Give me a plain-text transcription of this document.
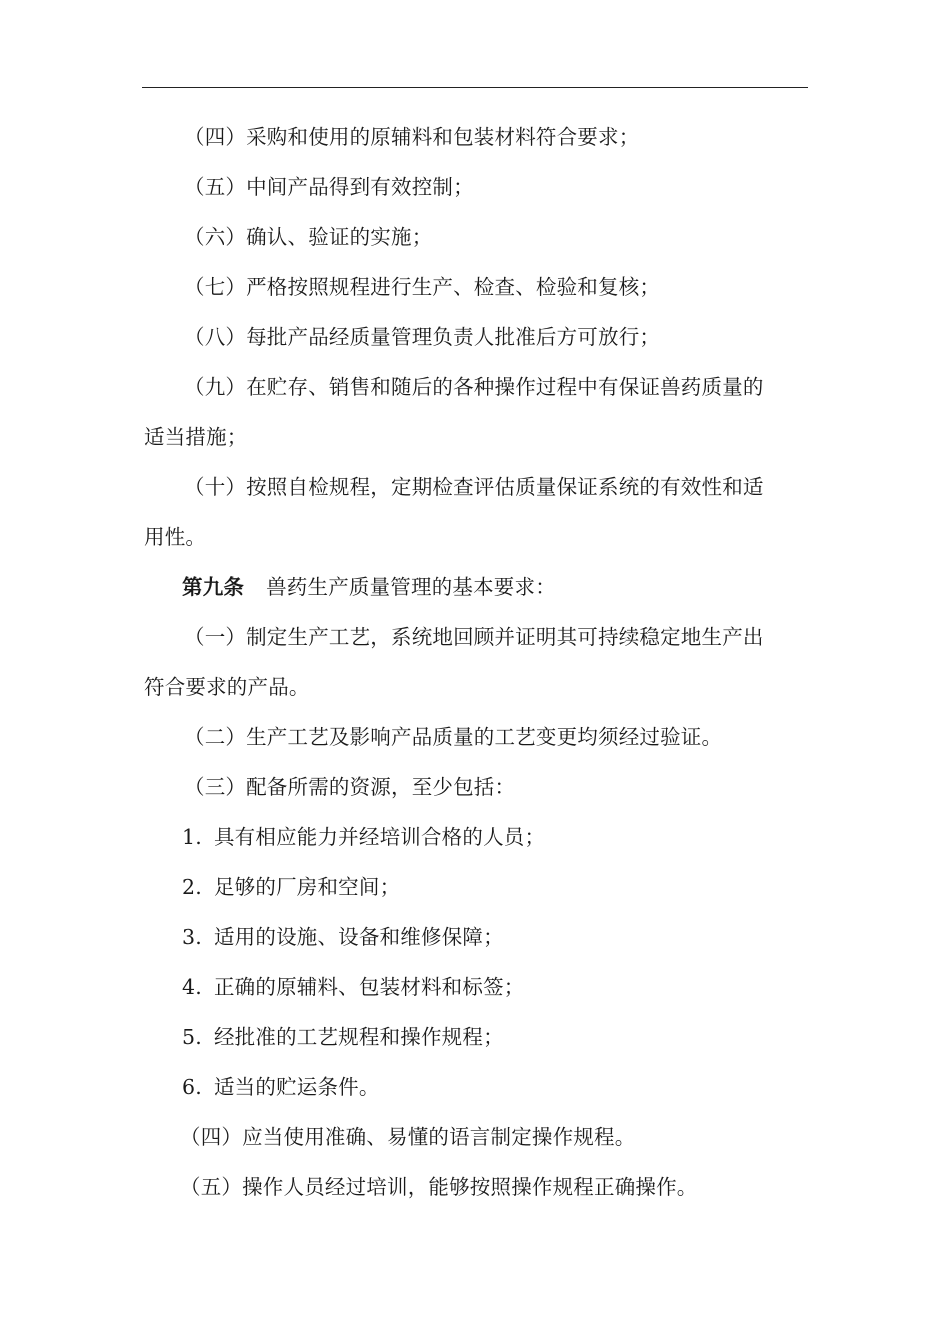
（四）采购和使用的原辅料和包装材料符合要求；
（五）中间产品得到有效控制；
（六）确认、验证的实施；
（七）严格按照规程进行生产、检查、检验和复核；
（八）每批产品经质量管理负责人批准后方可放行；
（九）在贮存、销售和随后的各种操作过程中有保证兽药质量的
适当措施；
（十）按照自检规程，定期检查评估质量保证系统的有效性和适
用性。
第九条 兽药生产质量管理的基本要求：
（一）制定生产工艺，系统地回顾并证明其可持续稳定地生产出
符合要求的产品。
（二）生产工艺及影响产品质量的工艺变更均须经过验证。
（三）配备所需的资源，至少包括：
1. 具有相应能力并经培训合格的人员；
2. 足够的厂房和空间；
3. 适用的设施、设备和维修保障；
4. 正确的原辅料、包装材料和标签；
5. 经批准的工艺规程和操作规程；
6. 适当的贮运条件。
（四）应当使用准确、易懂的语言制定操作规程。
（五）操作人员经过培训，能够按照操作规程正确操作。
